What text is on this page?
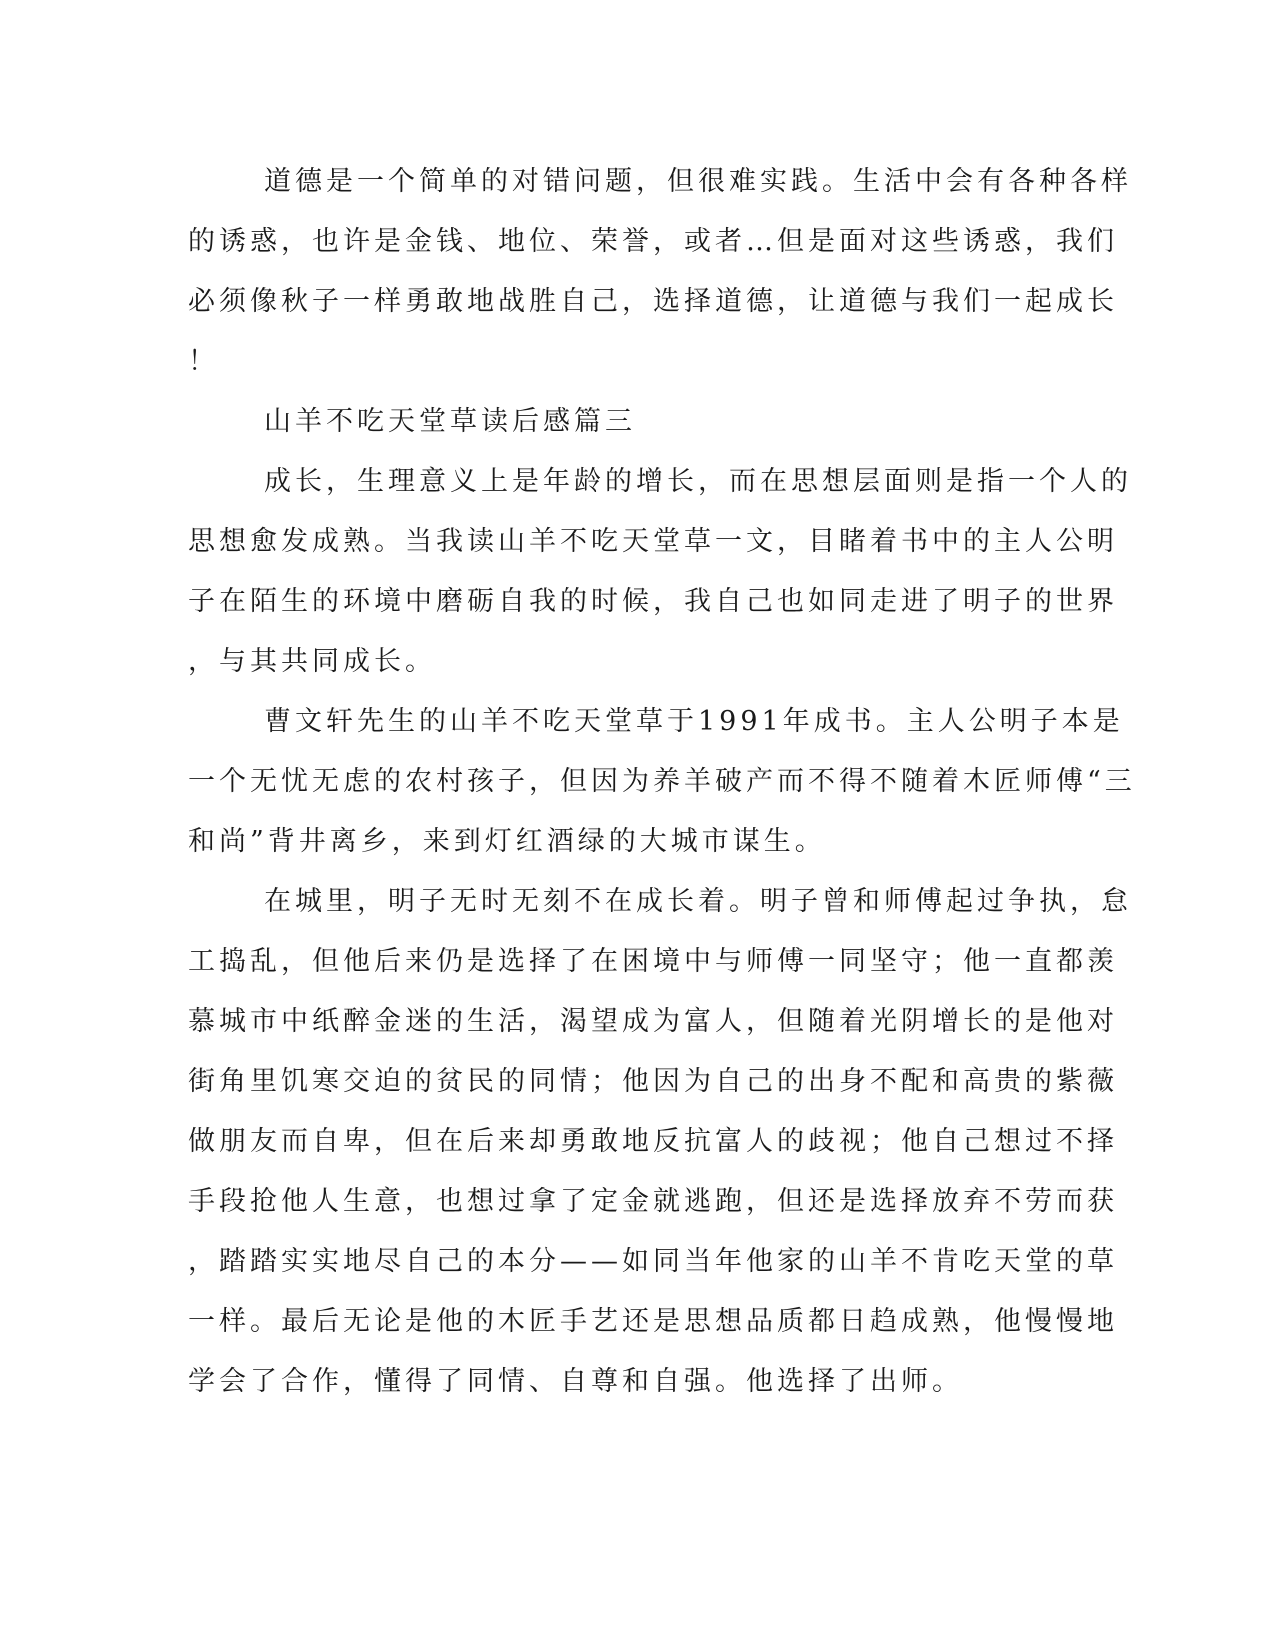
道德是一个简单的对错问题，但很难实践。生活中会有各种各样
的诱惑，也许是金钱、地位、荣誉，或者…但是面对这些诱惑，我们
必须像秋子一样勇敢地战胜自己，选择道德，让道德与我们一起成长
！
山羊不吃天堂草读后感篇三
成长，生理意义上是年龄的增长，而在思想层面则是指一个人的
思想愈发成熟。当我读山羊不吃天堂草一文，目睹着书中的主人公明
子在陌生的环境中磨砺自我的时候，我自己也如同走进了明子的世界
，与其共同成长。
曹文轩先生的山羊不吃天堂草于1991年成书。主人公明子本是
一个无忧无虑的农村孩子，但因为养羊破产而不得不随着木匠师傅“三
和尚”背井离乡，来到灯红酒绿的大城市谋生。
在城里，明子无时无刻不在成长着。明子曾和师傅起过争执，怠
工捣乱，但他后来仍是选择了在困境中与师傅一同坚守；他一直都羡
慕城市中纸醉金迷的生活，渴望成为富人，但随着光阴增长的是他对
街角里饥寒交迫的贫民的同情；他因为自己的出身不配和高贵的紫薇
做朋友而自卑，但在后来却勇敢地反抗富人的歧视；他自己想过不择
手段抢他人生意，也想过拿了定金就逃跑，但还是选择放弃不劳而获
，踏踏实实地尽自己的本分——如同当年他家的山羊不肯吃天堂的草
一样。最后无论是他的木匠手艺还是思想品质都日趋成熟，他慢慢地
学会了合作，懂得了同情、自尊和自强。他选择了出师。
